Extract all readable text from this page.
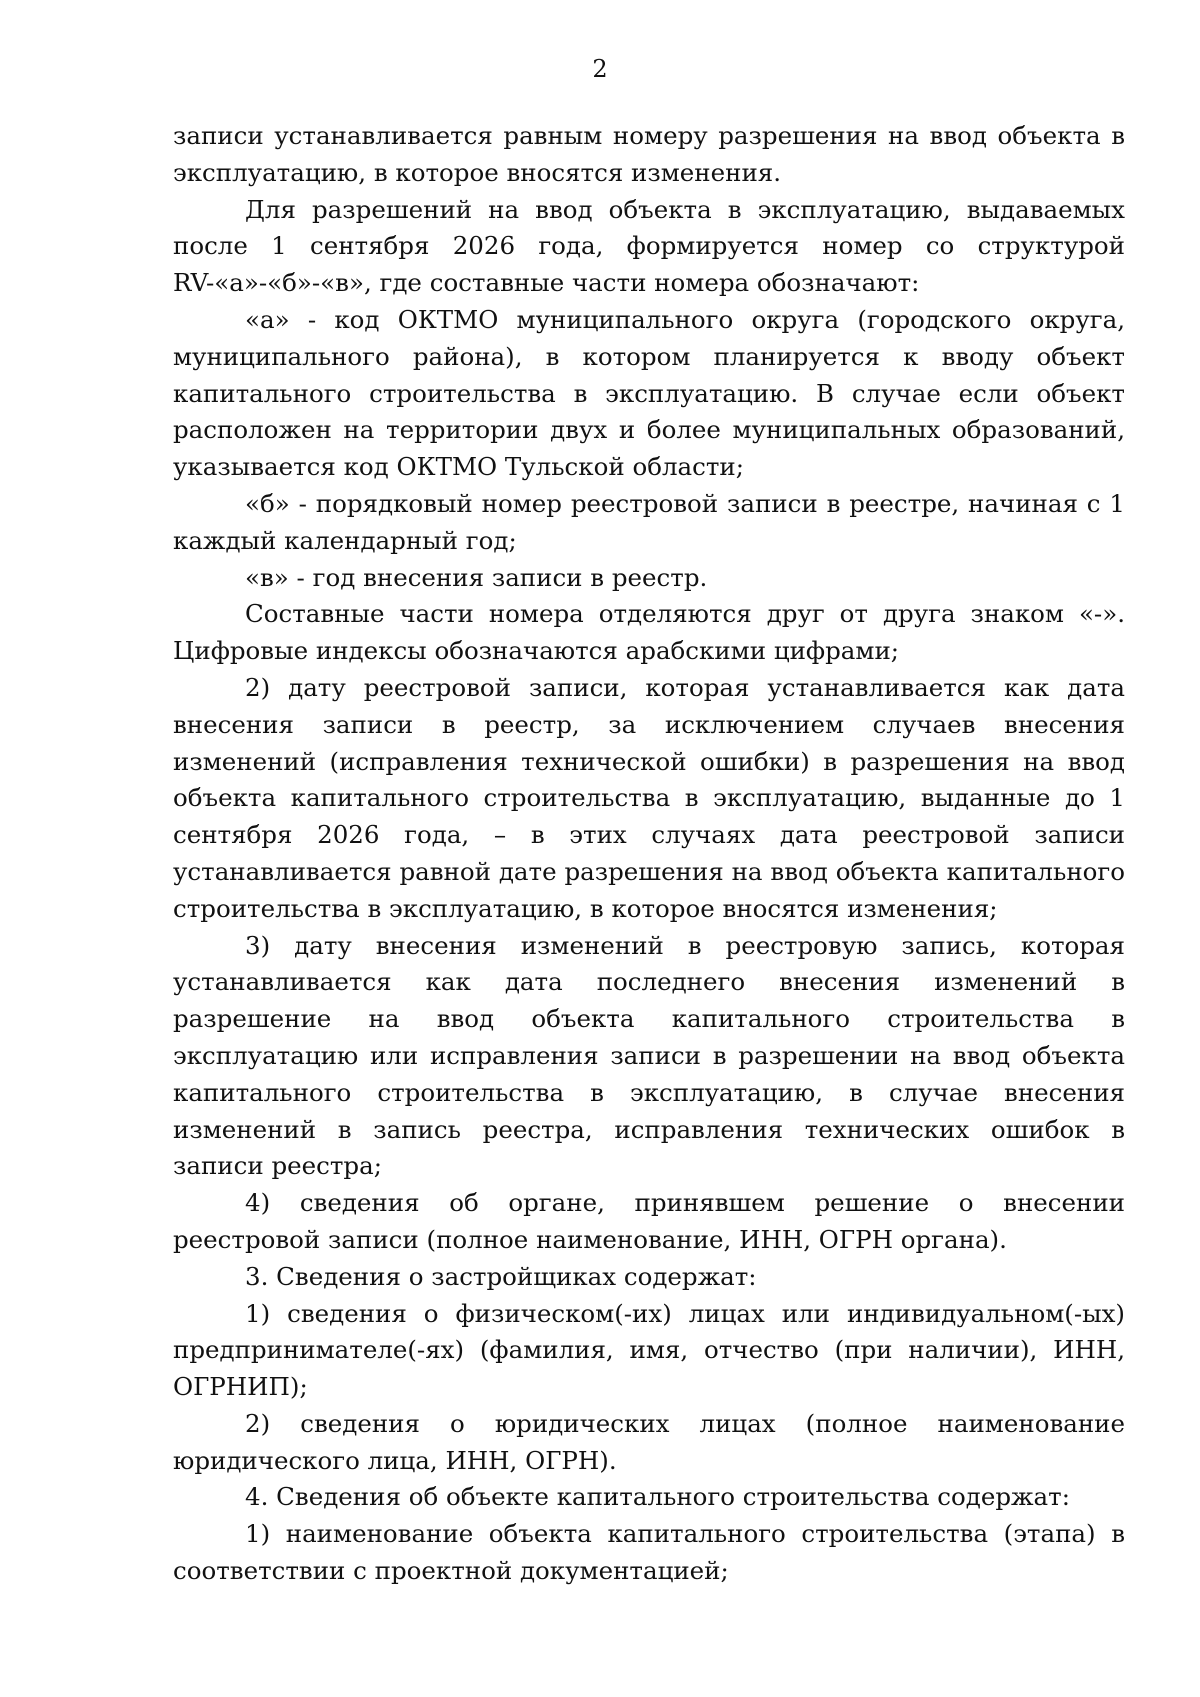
2

записи устанавливается равным номеру разрешения на ввод объекта в эксплуатацию, в которое вносятся изменения.

Для разрешений на ввод объекта в эксплуатацию, выдаваемых после 1 сентября 2026 года, формируется номер со структурой RV-«а»-«б»-«в», где составные части номера обозначают:

«а» - код ОКТМО муниципального округа (городского округа, муниципального района), в котором планируется к вводу объект капитального строительства в эксплуатацию. В случае если объект расположен на территории двух и более муниципальных образований, указывается код ОКТМО Тульской области;

«б» - порядковый номер реестровой записи в реестре, начиная с 1 каждый календарный год;

«в» - год внесения записи в реестр.

Составные части номера отделяются друг от друга знаком «-». Цифровые индексы обозначаются арабскими цифрами;

2) дату реестровой записи, которая устанавливается как дата внесения записи в реестр, за исключением случаев внесения изменений (исправления технической ошибки) в разрешения на ввод объекта капитального строительства в эксплуатацию, выданные до 1 сентября 2026 года, – в этих случаях дата реестровой записи устанавливается равной дате разрешения на ввод объекта капитального строительства в эксплуатацию, в которое вносятся изменения;

3) дату внесения изменений в реестровую запись, которая устанавливается как дата последнего внесения изменений в разрешение на ввод объекта капитального строительства в эксплуатацию или исправления записи в разрешении на ввод объекта капитального строительства в эксплуатацию, в случае внесения изменений в запись реестра, исправления технических ошибок в записи реестра;

4) сведения об органе, принявшем решение о внесении реестровой записи (полное наименование, ИНН, ОГРН органа).

3. Сведения о застройщиках содержат:

1) сведения о физическом(-их) лицах или индивидуальном(-ых) предпринимателе(-ях) (фамилия, имя, отчество (при наличии), ИНН, ОГРНИП);

2) сведения о юридических лицах (полное наименование юридического лица, ИНН, ОГРН).

4. Сведения об объекте капитального строительства содержат:

1) наименование объекта капитального строительства (этапа) в соответствии с проектной документацией;
